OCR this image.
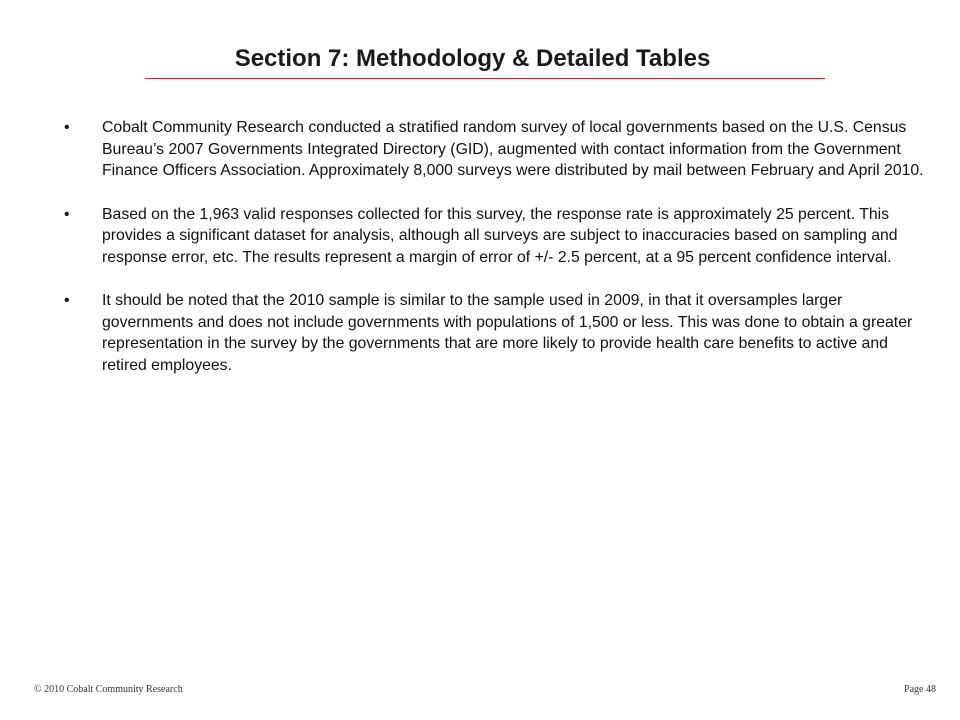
Section 7: Methodology & Detailed Tables
• Cobalt Community Research conducted a stratified random survey of local governments based on the U.S. Census Bureau’s 2007 Governments Integrated Directory (GID), augmented with contact information from the Government Finance Officers Association. Approximately 8,000 surveys were distributed by mail between February and April 2010.
• Based on the 1,963 valid responses collected for this survey, the response rate is approximately 25 percent. This provides a significant dataset for analysis, although all surveys are subject to inaccuracies based on sampling and response error, etc. The results represent a margin of error of +/- 2.5 percent, at a 95 percent confidence interval.
• It should be noted that the 2010 sample is similar to the sample used in 2009, in that it oversamples larger governments and does not include governments with populations of 1,500 or less. This was done to obtain a greater representation in the survey by the governments that are more likely to provide health care benefits to active and retired employees.
© 2010 Cobalt Community Research	Page 48
